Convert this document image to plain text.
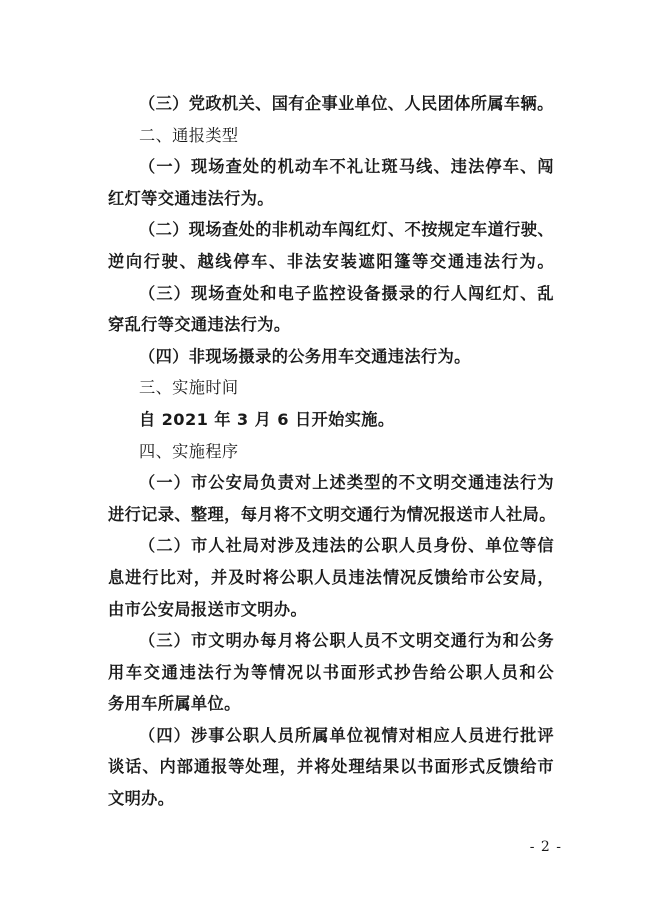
（三）党政机关、国有企事业单位、人民团体所属车辆。
二、通报类型
（一）现场查处的机动车不礼让斑马线、违法停车、闯
红灯等交通违法行为。
（二）现场查处的非机动车闯红灯、不按规定车道行驶、
逆向行驶、越线停车、非法安装遮阳篷等交通违法行为。
（三）现场查处和电子监控设备摄录的行人闯红灯、乱
穿乱行等交通违法行为。
（四）非现场摄录的公务用车交通违法行为。
三、实施时间
自 2021 年 3 月 6 日开始实施。
四、实施程序
（一）市公安局负责对上述类型的不文明交通违法行为
进行记录、整理，每月将不文明交通行为情况报送市人社局。
（二）市人社局对涉及违法的公职人员身份、单位等信
息进行比对，并及时将公职人员违法情况反馈给市公安局，
由市公安局报送市文明办。
（三）市文明办每月将公职人员不文明交通行为和公务
用车交通违法行为等情况以书面形式抄告给公职人员和公
务用车所属单位。
（四）涉事公职人员所属单位视情对相应人员进行批评
谈话、内部通报等处理，并将处理结果以书面形式反馈给市
文明办。
- 2 -
